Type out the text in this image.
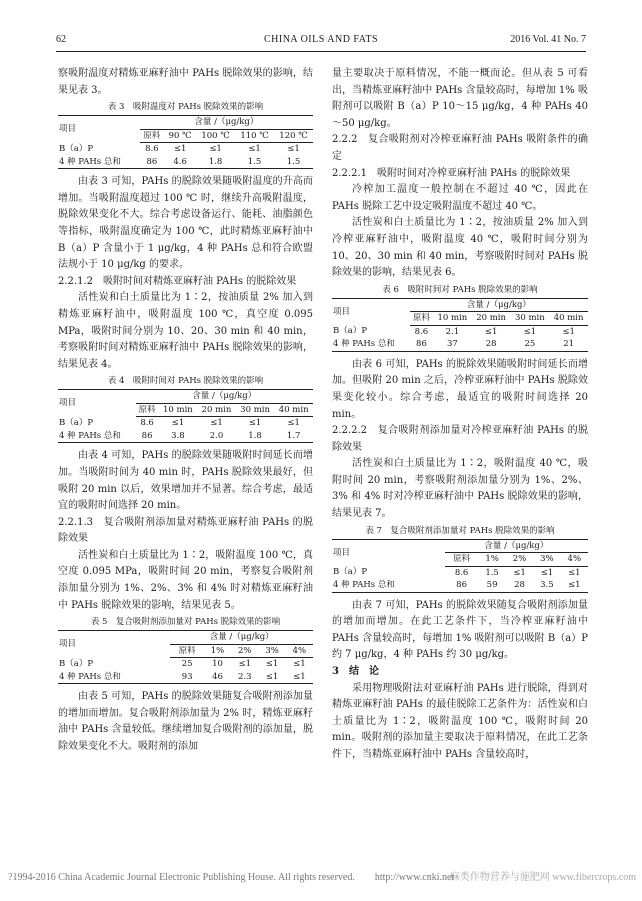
62	CHINA OILS AND FATS	2016 Vol. 41 No. 7

察吸附温度对精炼亚麻籽油中 PAHs 脱除效果的影响，结果见表 3。

表 3　吸附温度对 PAHs 脱除效果的影响
项目	含量 /（μg/kg）				
	原料	90 ℃	100 ℃	110 ℃	120 ℃
B（a）P	8.6	≤1	≤1	≤1	≤1
4 种 PAHs 总和	86	4.6	1.8	1.5	1.5

由表 3 可知，PAHs 的脱除效果随吸附温度的升高而增加。当吸附温度超过 100 ℃ 时，继续升高吸附温度，脱除效果变化不大。综合考虑设备运行、能耗、油脂颜色等指标，吸附温度确定为 100 ℃，此时精炼亚麻籽油中 B（a）P 含量小于 1 μg/kg，4 种 PAHs 总和符合欧盟法规小于 10 μg/kg 的要求。

2.2.1.2　吸附时间对精炼亚麻籽油 PAHs 的脱除效果

活性炭和白土质量比为 1∶2，按油质量 2% 加入到精炼亚麻籽油中，吸附温度 100 ℃，真空度 0.095 MPa，吸附时间分别为 10、20、30 min 和 40 min，考察吸附时间对精炼亚麻籽油中 PAHs 脱除效果的影响，结果见表 4。

表 4　吸附时间对 PAHs 脱除效果的影响
项目	含量 /（μg/kg）				
	原料	10 min	20 min	30 min	40 min
B（a）P	8.6	≤1	≤1	≤1	≤1
4 种 PAHs 总和	86	3.8	2.0	1.8	1.7

由表 4 可知，PAHs 的脱除效果随吸附时间延长而增加。当吸附时间为 40 min 时，PAHs 脱除效果最好，但吸附 20 min 以后，效果增加并不显著。综合考虑，最适宜的吸附时间选择 20 min。

2.2.1.3　复合吸附剂添加量对精炼亚麻籽油 PAHs 的脱除效果

活性炭和白土质量比为 1∶2，吸附温度 100 ℃，真空度 0.095 MPa，吸附时间 20 min，考察复合吸附剂添加量分别为 1%、2%、3% 和 4% 时对精炼亚麻籽油中 PAHs 脱除效果的影响，结果见表 5。

表 5　复合吸附剂添加量对 PAHs 脱除效果的影响
项目	含量 /（μg/kg）				
	原料	1%	2%	3%	4%
B（a）P	25	10	≤1	≤1	≤1
4 种 PAHs 总和	93	46	2.3	≤1	≤1

由表 5 可知，PAHs 的脱除效果随复合吸附剂添加量的增加而增加。复合吸附剂添加量为 2% 时，精炼亚麻籽油中 PAHs 含量较低。继续增加复合吸附剂的添加量，脱除效果变化不大。吸附剂的添加

量主要取决于原料情况，不能一概而论。但从表 5 可看出，当精炼亚麻籽油中 PAHs 含量较高时，每增加 1% 吸附剂可以吸附 B（a）P 10～15 μg/kg，4 种 PAHs 40～50 μg/kg。

2.2.2　复合吸附剂对冷榨亚麻籽油 PAHs 吸附条件的确定

2.2.2.1　吸附时间对冷榨亚麻籽油 PAHs 的脱除效果

冷榨加工温度一般控制在不超过 40 ℃，因此在 PAHs 脱除工艺中设定吸附温度不超过 40 ℃。

活性炭和白土质量比为 1∶2，按油质量 2% 加入到冷榨亚麻籽油中，吸附温度 40 ℃，吸附时间分别为 10、20、30 min 和 40 min，考察吸附时间对 PAHs 脱除效果的影响，结果见表 6。

表 6　吸附时间对 PAHs 脱除效果的影响
项目	含量 /（μg/kg）				
	原料	10 min	20 min	30 min	40 min
B（a）P	8.6	2.1	≤1	≤1	≤1
4 种 PAHs 总和	86	37	28	25	21

由表 6 可知，PAHs 的脱除效果随吸附时间延长而增加。但吸附 20 min 之后，冷榨亚麻籽油中 PAHs 脱除效果变化较小。综合考虑，最适宜的吸附时间选择 20 min。

2.2.2.2　复合吸附剂添加量对冷榨亚麻籽油 PAHs 的脱除效果

活性炭和白土质量比为 1∶2，吸附温度 40 ℃，吸附时间 20 min，考察吸附剂添加量分别为 1%、2%、3% 和 4% 时对冷榨亚麻籽油中 PAHs 脱除效果的影响，结果见表 7。

表 7　复合吸附剂添加量对 PAHs 脱除效果的影响
项目	含量 /（μg/kg）				
	原料	1%	2%	3%	4%
B（a）P	8.6	1.5	≤1	≤1	≤1
4 种 PAHs 总和	86	59	28	3.5	≤1

由表 7 可知，PAHs 的脱除效果随复合吸附剂添加量的增加而增加。在此工艺条件下，当冷榨亚麻籽油中 PAHs 含量较高时，每增加 1% 吸附剂可以吸附 B（a）P 约 7 μg/kg，4 种 PAHs 约 30 μg/kg。

3　结　论

采用物理吸附法对亚麻籽油 PAHs 进行脱除，得到对精炼亚麻籽油 PAHs 的最佳脱除工艺条件为：活性炭和白土质量比为 1∶2，吸附温度 100 ℃，吸附时间 20 min。吸附剂的添加量主要取决于原料情况，在此工艺条件下，当精炼亚麻籽油中 PAHs 含量较高时，

?1994-2016 China Academic Journal Electronic Publishing House. All rights reserved.　　http://www.cnki.net
麻类作物营养与施肥网 www.fibercrops.com
